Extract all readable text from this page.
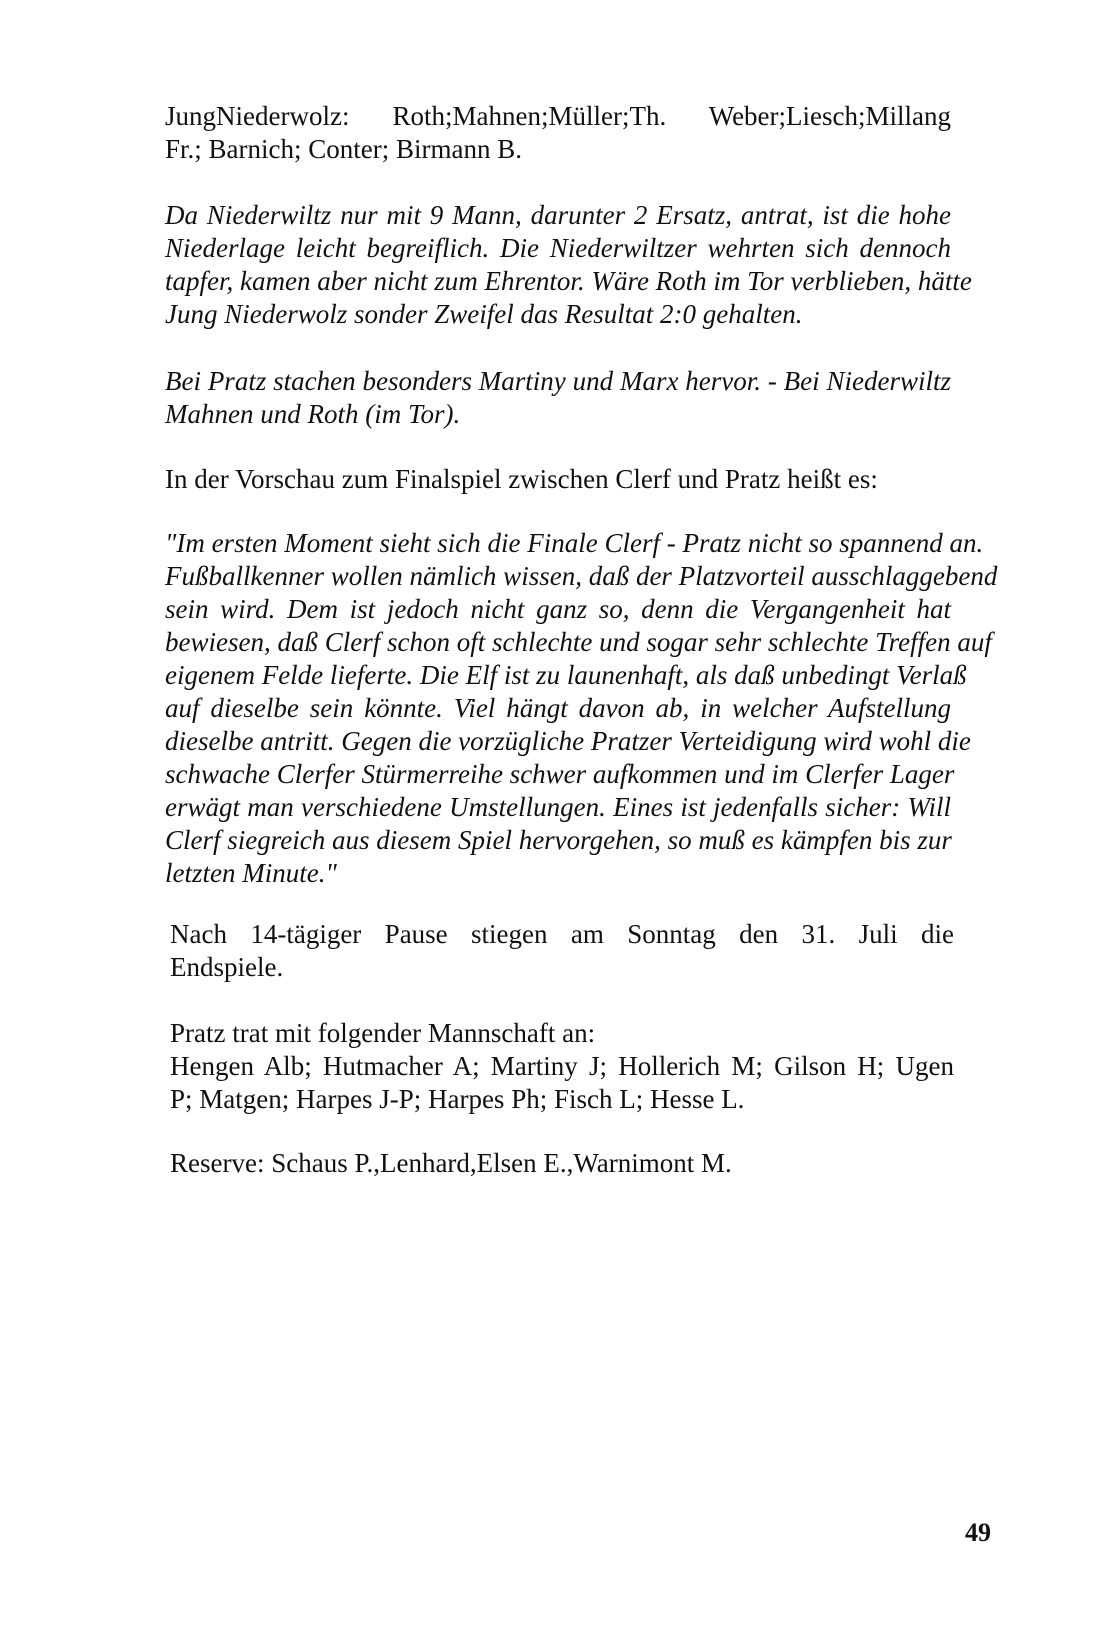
JungNiederwolz: Roth;Mahnen;Müller;Th. Weber;Liesch;Millang
Fr.; Barnich; Conter; Birmann B.
Da Niederwiltz nur mit 9 Mann, darunter 2 Ersatz, antrat, ist die hohe
Niederlage leicht begreiflich. Die Niederwiltzer wehrten sich dennoch
tapfer, kamen aber nicht zum Ehrentor. Wäre Roth im Tor verblieben, hätte
Jung Niederwolz sonder Zweifel das Resultat 2:0 gehalten.
Bei Pratz stachen besonders Martiny und Marx hervor. - Bei Niederwiltz
Mahnen und Roth (im Tor).
In der Vorschau zum Finalspiel zwischen Clerf und Pratz heißt es:
"Im ersten Moment sieht sich die Finale Clerf - Pratz nicht so spannend an.
Fußballkenner wollen nämlich wissen, daß der Platzvorteil ausschlaggebend
sein wird. Dem ist jedoch nicht ganz so, denn die Vergangenheit hat
bewiesen, daß Clerf schon oft schlechte und sogar sehr schlechte Treffen auf
eigenem Felde lieferte. Die Elf ist zu launenhaft, als daß unbedingt Verlaß
auf dieselbe sein könnte. Viel hängt davon ab, in welcher Aufstellung
dieselbe antritt. Gegen die vorzügliche Pratzer Verteidigung wird wohl die
schwache Clerfer Stürmerreihe schwer aufkommen und im Clerfer Lager
erwägt man verschiedene Umstellungen. Eines ist jedenfalls sicher: Will
Clerf siegreich aus diesem Spiel hervorgehen, so muß es kämpfen bis zur
letzten Minute."
Nach 14-tägiger Pause stiegen am Sonntag den 31. Juli die
Endspiele.
Pratz trat mit folgender Mannschaft an:
Hengen Alb; Hutmacher A; Martiny J; Hollerich M; Gilson H; Ugen
P; Matgen; Harpes J-P; Harpes Ph; Fisch L; Hesse L.
Reserve: Schaus P.,Lenhard,Elsen E.,Warnimont M.
49
